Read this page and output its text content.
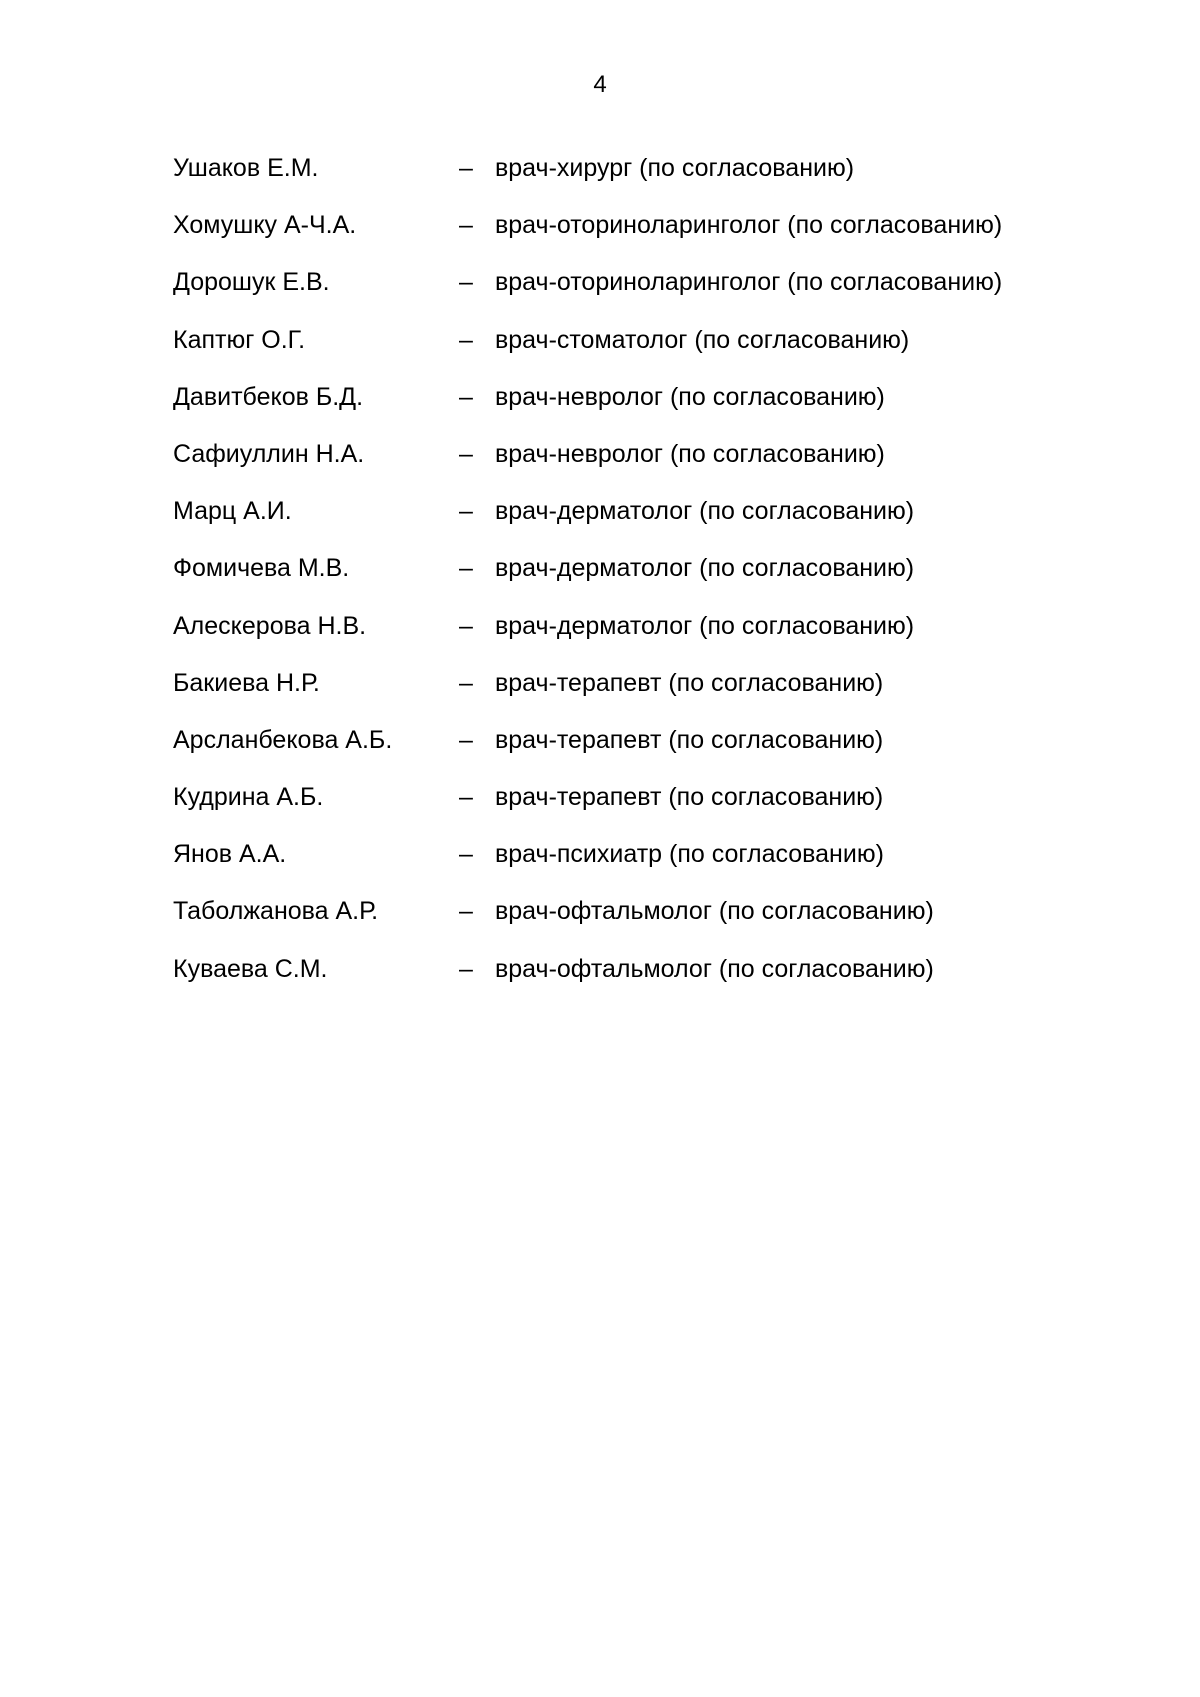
4
Ушаков Е.М.	– врач-хирург (по согласованию)
Хомушку А-Ч.А.	– врач-оториноларинголог (по согласованию)
Дорошук Е.В.	– врач-оториноларинголог (по согласованию)
Каптюг О.Г.	– врач-стоматолог (по согласованию)
Давитбеков Б.Д.	– врач-невролог (по согласованию)
Сафиуллин Н.А.	– врач-невролог (по согласованию)
Марц А.И.	– врач-дерматолог (по согласованию)
Фомичева М.В.	– врач-дерматолог (по согласованию)
Алескерова Н.В.	– врач-дерматолог (по согласованию)
Бакиева Н.Р.	– врач-терапевт (по согласованию)
Арсланбекова А.Б.	– врач-терапевт (по согласованию)
Кудрина А.Б.	– врач-терапевт (по согласованию)
Янов А.А.	– врач-психиатр (по согласованию)
Таболжанова А.Р.	– врач-офтальмолог (по согласованию)
Куваева С.М.	– врач-офтальмолог (по согласованию)
